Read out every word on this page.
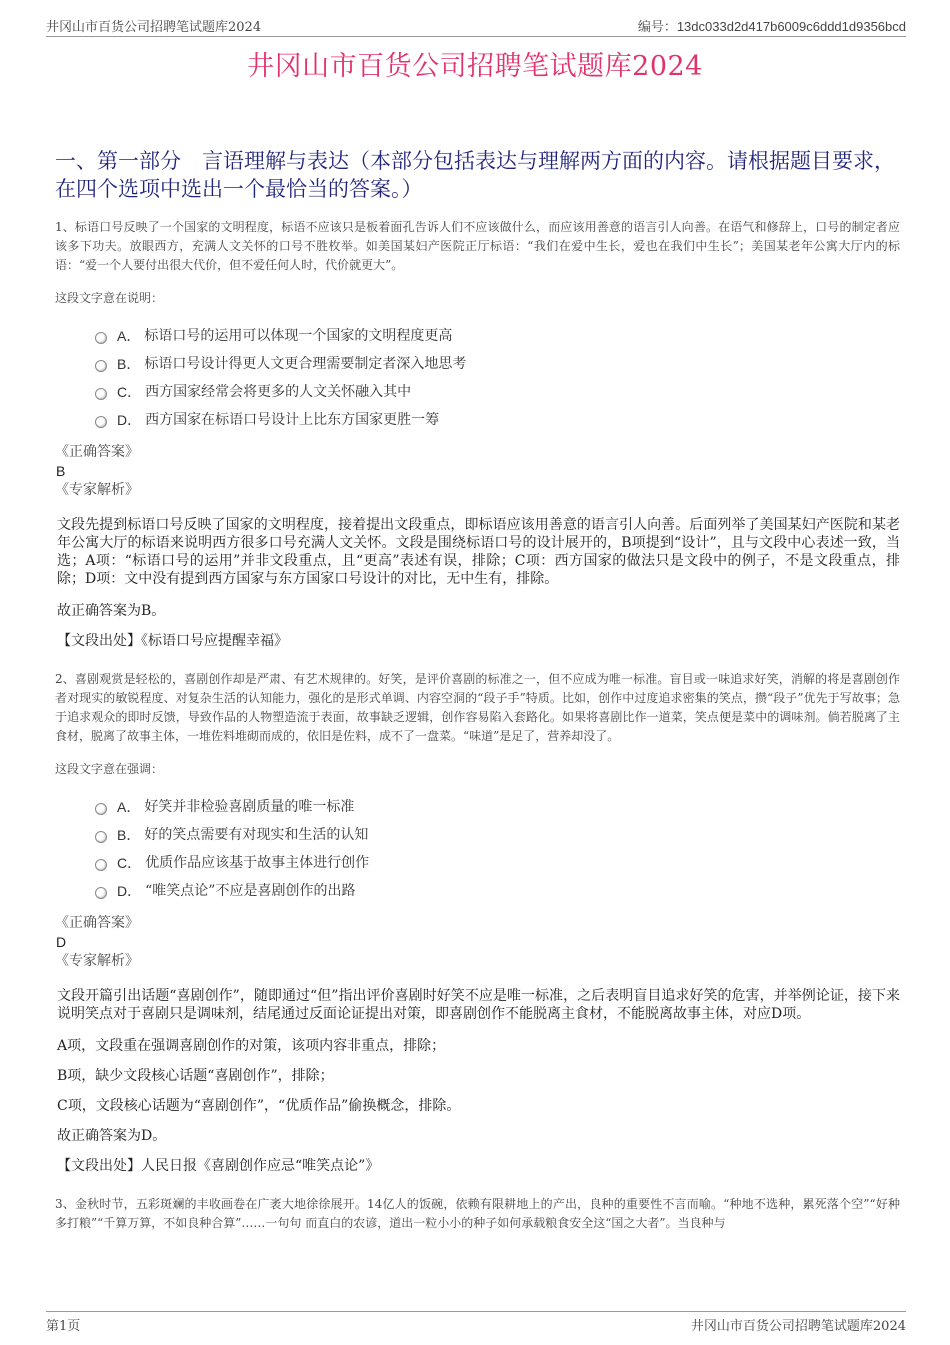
井冈山市百货公司招聘笔试题库2024	编号：13dc033d2d417b6009c6ddd1d9356bcd
井冈山市百货公司招聘笔试题库2024
一、第一部分　言语理解与表达（本部分包括表达与理解两方面的内容。请根据题目要求，在四个选项中选出一个最恰当的答案。）

1、标语口号反映了一个国家的文明程度，标语不应该只是板着面孔告诉人们不应该做什么，而应该用善意的语言引人向善。在语气和修辞上，口号的制定者应该多下功夫。放眼西方，充满人文关怀的口号不胜枚举。如美国某妇产医院正厅标语：“我们在爱中生长，爱也在我们中生长”；美国某老年公寓大厅内的标语：“爱一个人要付出很大代价，但不爱任何人时，代价就更大”。

这段文字意在说明：

A． 标语口号的运用可以体现一个国家的文明程度更高
B． 标语口号设计得更人文更合理需要制定者深入地思考
C． 西方国家经常会将更多的人文关怀融入其中
D． 西方国家在标语口号设计上比东方国家更胜一筹

《正确答案》

B

《专家解析》

文段先提到标语口号反映了国家的文明程度，接着提出文段重点，即标语应该用善意的语言引人向善。后面列举了美国某妇产医院和某老年公寓大厅的标语来说明西方很多口号充满人文关怀。文段是围绕标语口号的设计展开的，B项提到“设计”，且与文段中心表述一致，当选；A项：“标语口号的运用”并非文段重点，且“更高”表述有误，排除；C项：西方国家的做法只是文段中的例子，不是文段重点，排除；D项：文中没有提到西方国家与东方国家口号设计的对比，无中生有，排除。

故正确答案为B。

【文段出处】《标语口号应提醒幸福》

2、喜剧观赏是轻松的，喜剧创作却是严肃、有艺术规律的。好笑，是评价喜剧的标准之一，但不应成为唯一标准。盲目或一味追求好笑，消解的将是喜剧创作者对现实的敏锐程度、对复杂生活的认知能力，强化的是形式单调、内容空洞的“段子手”特质。比如，创作中过度追求密集的笑点，攒“段子”优先于写故事；急于追求观众的即时反馈，导致作品的人物塑造流于表面，故事缺乏逻辑，创作容易陷入套路化。如果将喜剧比作一道菜，笑点便是菜中的调味剂。倘若脱离了主食材，脱离了故事主体，一堆佐料堆砌而成的，依旧是佐料，成不了一盘菜。“味道”是足了，营养却没了。

这段文字意在强调：

A． 好笑并非检验喜剧质量的唯一标准
B． 好的笑点需要有对现实和生活的认知
C． 优质作品应该基于故事主体进行创作
D． “唯笑点论”不应是喜剧创作的出路

《正确答案》

D

《专家解析》

文段开篇引出话题“喜剧创作”，随即通过“但”指出评价喜剧时好笑不应是唯一标准，之后表明盲目追求好笑的危害，并举例论证，接下来说明笑点对于喜剧只是调味剂，结尾通过反面论证提出对策，即喜剧创作不能脱离主食材，不能脱离故事主体，对应D项。

A项，文段重在强调喜剧创作的对策，该项内容非重点，排除；

B项，缺少文段核心话题“喜剧创作”，排除；

C项，文段核心话题为“喜剧创作”，“优质作品”偷换概念，排除。

故正确答案为D。

【文段出处】人民日报《喜剧创作应忌“唯笑点论”》

3、金秋时节，五彩斑斓的丰收画卷在广袤大地徐徐展开。14亿人的饭碗，依赖有限耕地上的产出，良种的重要性不言而喻。“种地不选种，累死落个空”“好种多打粮”“千算万算，不如良种合算”……一句句 而直白的农谚，道出一粒小小的种子如何承载粮食安全这“国之大者”。当良种与

第1页	井冈山市百货公司招聘笔试题库2024
